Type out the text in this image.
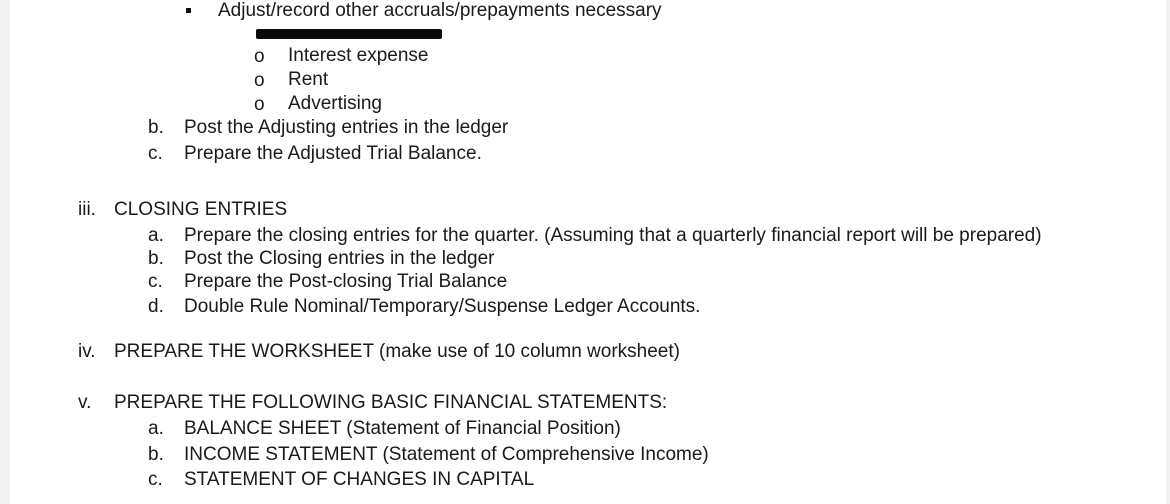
Adjust/record other accruals/prepayments necessary
o Interest expense
o Rent
o Advertising
b. Post the Adjusting entries in the ledger
c. Prepare the Adjusted Trial Balance.
iii. CLOSING ENTRIES
a. Prepare the closing entries for the quarter. (Assuming that a quarterly financial report will be prepared)
b. Post the Closing entries in the ledger
c. Prepare the Post-closing Trial Balance
d. Double Rule Nominal/Temporary/Suspense Ledger Accounts.
iv. PREPARE THE WORKSHEET (make use of 10 column worksheet)
v. PREPARE THE FOLLOWING BASIC FINANCIAL STATEMENTS:
a. BALANCE SHEET (Statement of Financial Position)
b. INCOME STATEMENT (Statement of Comprehensive Income)
c. STATEMENT OF CHANGES IN CAPITAL
